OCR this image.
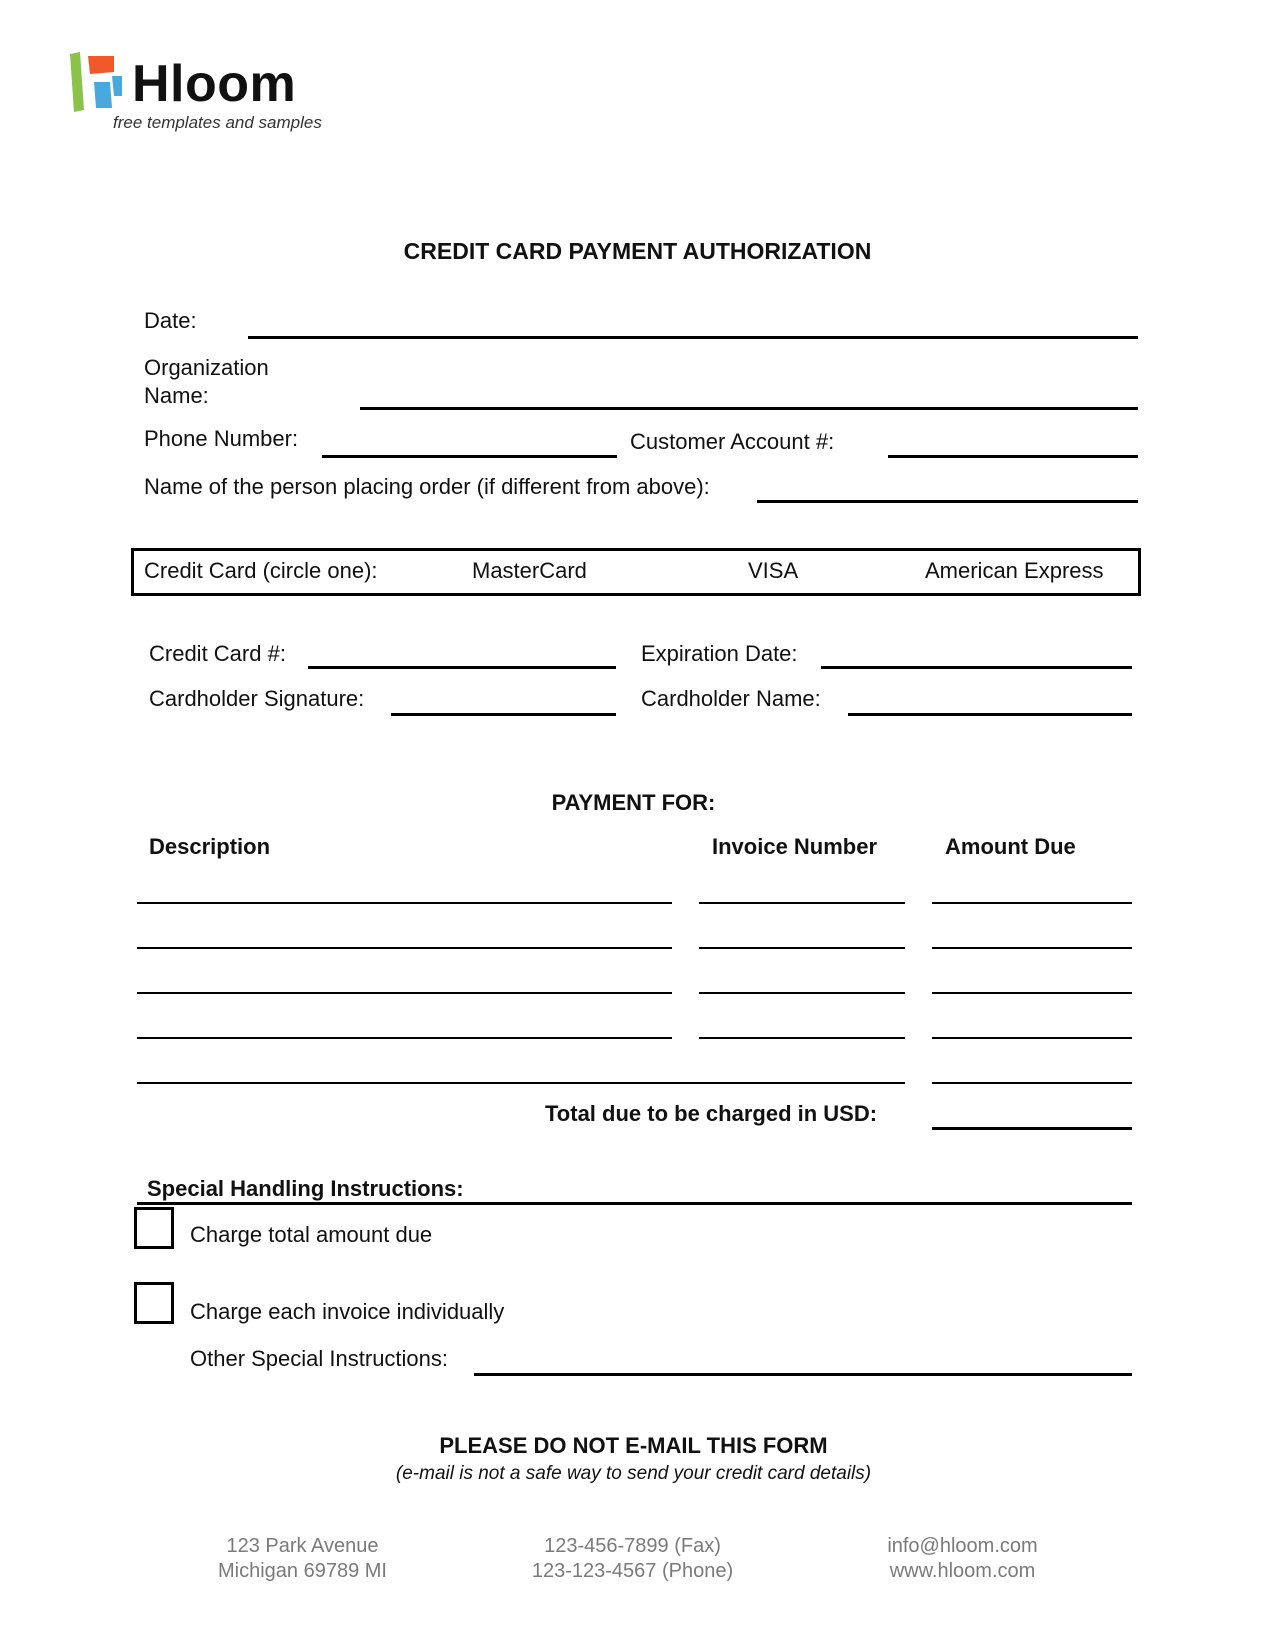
Hloom
free templates and samples
CREDIT CARD PAYMENT AUTHORIZATION
Date:
Organization
Name:
Phone Number:	Customer Account #:
Name of the person placing order (if different from above):
Credit Card (circle one):	MasterCard	VISA	American Express
Credit Card #:	Expiration Date:
Cardholder Signature:	Cardholder Name:
PAYMENT FOR:
Description	Invoice Number	Amount Due
Total due to be charged in USD:
Special Handling Instructions:
Charge total amount due
Charge each invoice individually
Other Special Instructions:
PLEASE DO NOT E-MAIL THIS FORM
(e-mail is not a safe way to send your credit card details)
123 Park Avenue
Michigan 69789 MI
123-456-7899 (Fax)
123-123-4567 (Phone)
info@hloom.com
www.hloom.com
